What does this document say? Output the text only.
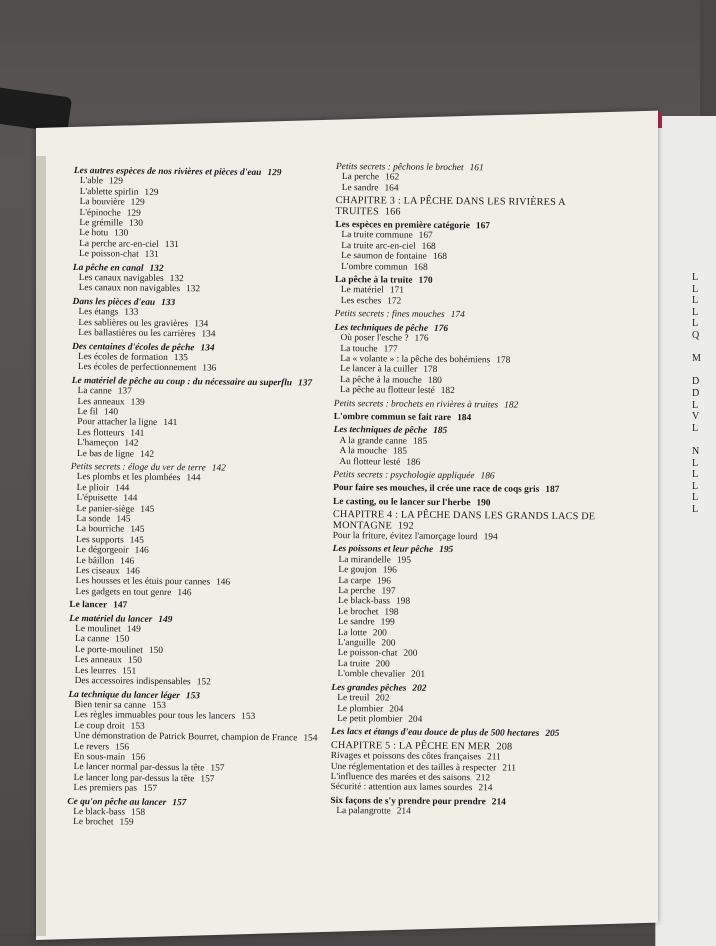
L
L
L
L
L
Q
M
D
D
L
V
L
N
L
L
L
L
L
Les autres espèces de nos rivières et pièces d'eau 129
L'able 129
L'ablette spirlin 129
La bouvière 129
L'épinoche 129
Le grémille 130
Le hotu 130
La perche arc-en-ciel 131
Le poisson-chat 131
La pêche en canal 132
Les canaux navigables 132
Les canaux non navigables 132
Dans les pièces d'eau 133
Les étangs 133
Les sablières ou les gravières 134
Les ballastières ou les carrières 134
Des centaines d'écoles de pêche 134
Les écoles de formation 135
Les écoles de perfectionnement 136
Le matériel de pêche au coup : du nécessaire au superflu 137
La canne 137
Les anneaux 139
Le fil 140
Pour attacher la ligne 141
Les flotteurs 141
L'hameçon 142
Le bas de ligne 142
Petits secrets : éloge du ver de terre 142
Les plombs et les plombées 144
Le plioir 144
L'épuisette 144
Le panier-siège 145
La sonde 145
La bourriche 145
Les supports 145
Le dégorgeoir 146
Le bâillon 146
Les ciseaux 146
Les housses et les étuis pour cannes 146
Les gadgets en tout genre 146
Le lancer 147
Le matériel du lancer 149
Le moulinet 149
La canne 150
Le porte-moulinet 150
Les anneaux 150
Les leurres 151
Des accessoires indispensables 152
La technique du lancer léger 153
Bien tenir sa canne 153
Les règles immuables pour tous les lancers 153
Le coup droit 153
Une démonstration de Patrick Bourret, champion de France 154
Le revers 156
En sous-main 156
Le lancer normal par-dessus la tête 157
Le lancer long par-dessus la tête 157
Les premiers pas 157
Ce qu'on pêche au lancer 157
Le black-bass 158
Le brochet 159
Petits secrets : pêchons le brochet 161
La perche 162
Le sandre 164
CHAPITRE 3 : LA PÊCHE DANS LES RIVIÈRES A TRUITES 166
Les espèces en première catégorie 167
La truite commune 167
La truite arc-en-ciel 168
Le saumon de fontaine 168
L'ombre commun 168
La pêche à la truite 170
Le matériel 171
Les esches 172
Petits secrets : fines mouches 174
Les techniques de pêche 176
Où poser l'esche ? 176
La touche 177
La « volante » : la pêche des bohémiens 178
Le lancer à la cuiller 178
La pêche à la mouche 180
La pêche au flotteur lesté 182
Petits secrets : brochets en rivières à truites 182
L'ombre commun se fait rare 184
Les techniques de pêche 185
A la grande canne 185
A la mouche 185
Au flotteur lesté 186
Petits secrets : psychologie appliquée 186
Pour faire ses mouches, il crée une race de coqs gris 187
Le casting, ou le lancer sur l'herbe 190
CHAPITRE 4 : LA PÊCHE DANS LES GRANDS LACS DE MONTAGNE 192
Pour la friture, évitez l'amorçage lourd 194
Les poissons et leur pêche 195
La mirandelle 195
Le goujon 196
La carpe 196
La perche 197
Le black-bass 198
Le brochet 198
Le sandre 199
La lotte 200
L'anguille 200
Le poisson-chat 200
La truite 200
L'omble chevalier 201
Les grandes pêches 202
Le treuil 202
Le plombier 204
Le petit plombier 204
Les lacs et étangs d'eau douce de plus de 500 hectares 205
CHAPITRE 5 : LA PÊCHE EN MER 208
Rivages et poissons des côtes françaises 211
Une réglementation et des tailles à respecter 211
L'influence des marées et des saisons 212
Sécurité : attention aux lames sourdes 214
Six façons de s'y prendre pour prendre 214
La palangrotte 214
